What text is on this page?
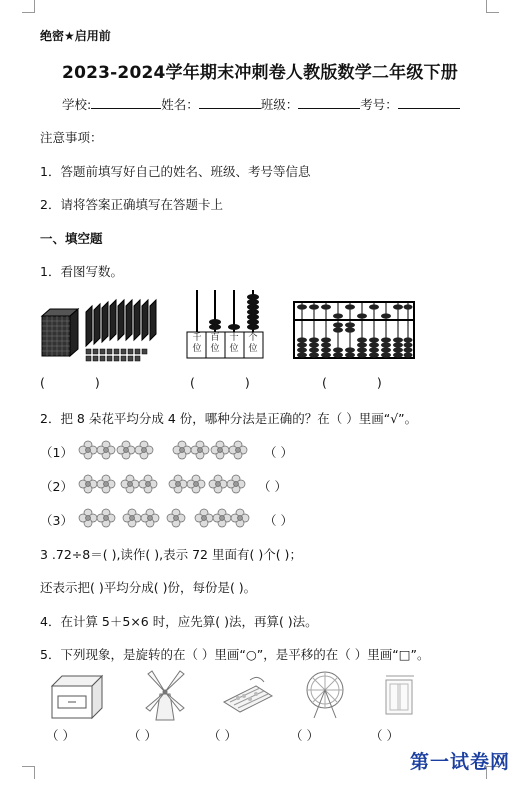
绝密★启用前
2023-2024学年期末冲刺卷人教版数学二年级下册
学校:	姓名：	班级：	考号：
注意事项：
1．答题前填写好自己的姓名、班级、考号等信息
2．请将答案正确填写在答题卡上
一、填空题
1．看图写数。
千位
百位
十位
个位
(	)	(	)	(	)
2．把 8 朵花平均分成 4 份，哪种分法是正确的？在（ ）里画“√”。
（1）	（ ）
（2）	（ ）
（3）	（ ）
3 .72÷8＝( ),读作( ),表示 72 里面有( )个( )；
还表示把( )平均分成( )份，每份是( )。
4．在计算 5＋5×6 时，应先算( )法，再算( )法。
5．下列现象，是旋转的在（ ）里画“○”，是平移的在（ ）里画“□”。
（ ）	（ ）	（ ）	（ ）	（ ）
第一试卷网
